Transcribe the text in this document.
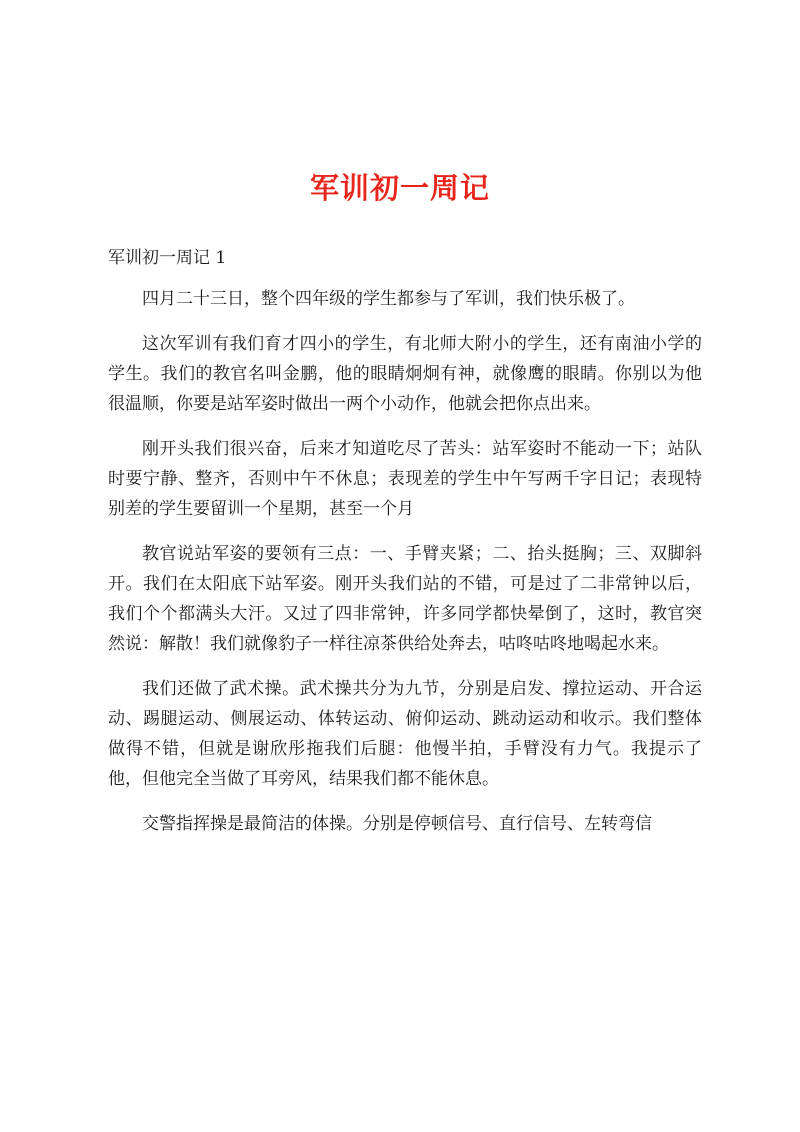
军训初一周记
军训初一周记 1

四月二十三日，整个四年级的学生都参与了军训，我们快乐极了。

这次军训有我们育才四小的学生，有北师大附小的学生，还有南油小学的学生。我们的教官名叫金鹏，他的眼睛炯炯有神，就像鹰的眼睛。你别以为他很温顺，你要是站军姿时做出一两个小动作，他就会把你点出来。

刚开头我们很兴奋，后来才知道吃尽了苦头：站军姿时不能动一下；站队时要宁静、整齐，否则中午不休息；表现差的学生中午写两千字日记；表现特别差的学生要留训一个星期，甚至一个月

教官说站军姿的要领有三点：一、手臂夹紧；二、抬头挺胸；三、双脚斜开。我们在太阳底下站军姿。刚开头我们站的不错，可是过了二非常钟以后，我们个个都满头大汗。又过了四非常钟，许多同学都快晕倒了，这时，教官突然说：解散！我们就像豹子一样往凉茶供给处奔去，咕咚咕咚地喝起水来。

我们还做了武术操。武术操共分为九节，分别是启发、撑拉运动、开合运动、踢腿运动、侧展运动、体转运动、俯仰运动、跳动运动和收示。我们整体做得不错，但就是谢欣彤拖我们后腿：他慢半拍，手臂没有力气。我提示了他，但他完全当做了耳旁风，结果我们都不能休息。

交警指挥操是最简洁的体操。分别是停顿信号、直行信号、左转弯信
